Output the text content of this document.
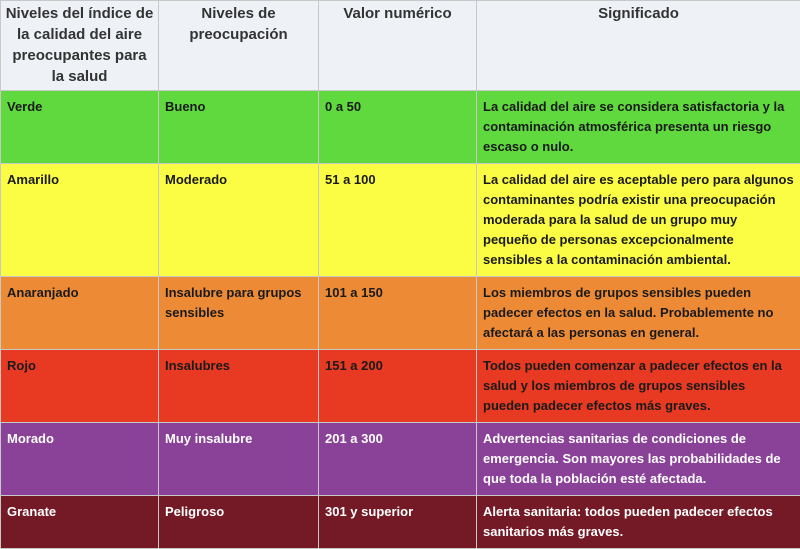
Niveles del índice de la calidad del aire preocupantes para la salud	Niveles de preocupación	Valor numérico	Significado
Verde	Bueno	0 a 50	La calidad del aire se considera satisfactoria y la contaminación atmosférica presenta un riesgo escaso o nulo.
Amarillo	Moderado	51 a 100	La calidad del aire es aceptable pero para algunos contaminantes podría existir una preocupación moderada para la salud de un grupo muy pequeño de personas excepcionalmente sensibles a la contaminación ambiental.
Anaranjado	Insalubre para grupos sensibles	101 a 150	Los miembros de grupos sensibles pueden padecer efectos en la salud. Probablemente no afectará a las personas en general.
Rojo	Insalubres	151 a 200	Todos pueden comenzar a padecer efectos en la salud y los miembros de grupos sensibles pueden padecer efectos más graves.
Morado	Muy insalubre	201 a 300	Advertencias sanitarias de condiciones de emergencia. Son mayores las probabilidades de que toda la población esté afectada.
Granate	Peligroso	301 y superior	Alerta sanitaria: todos pueden padecer efectos sanitarios más graves.
